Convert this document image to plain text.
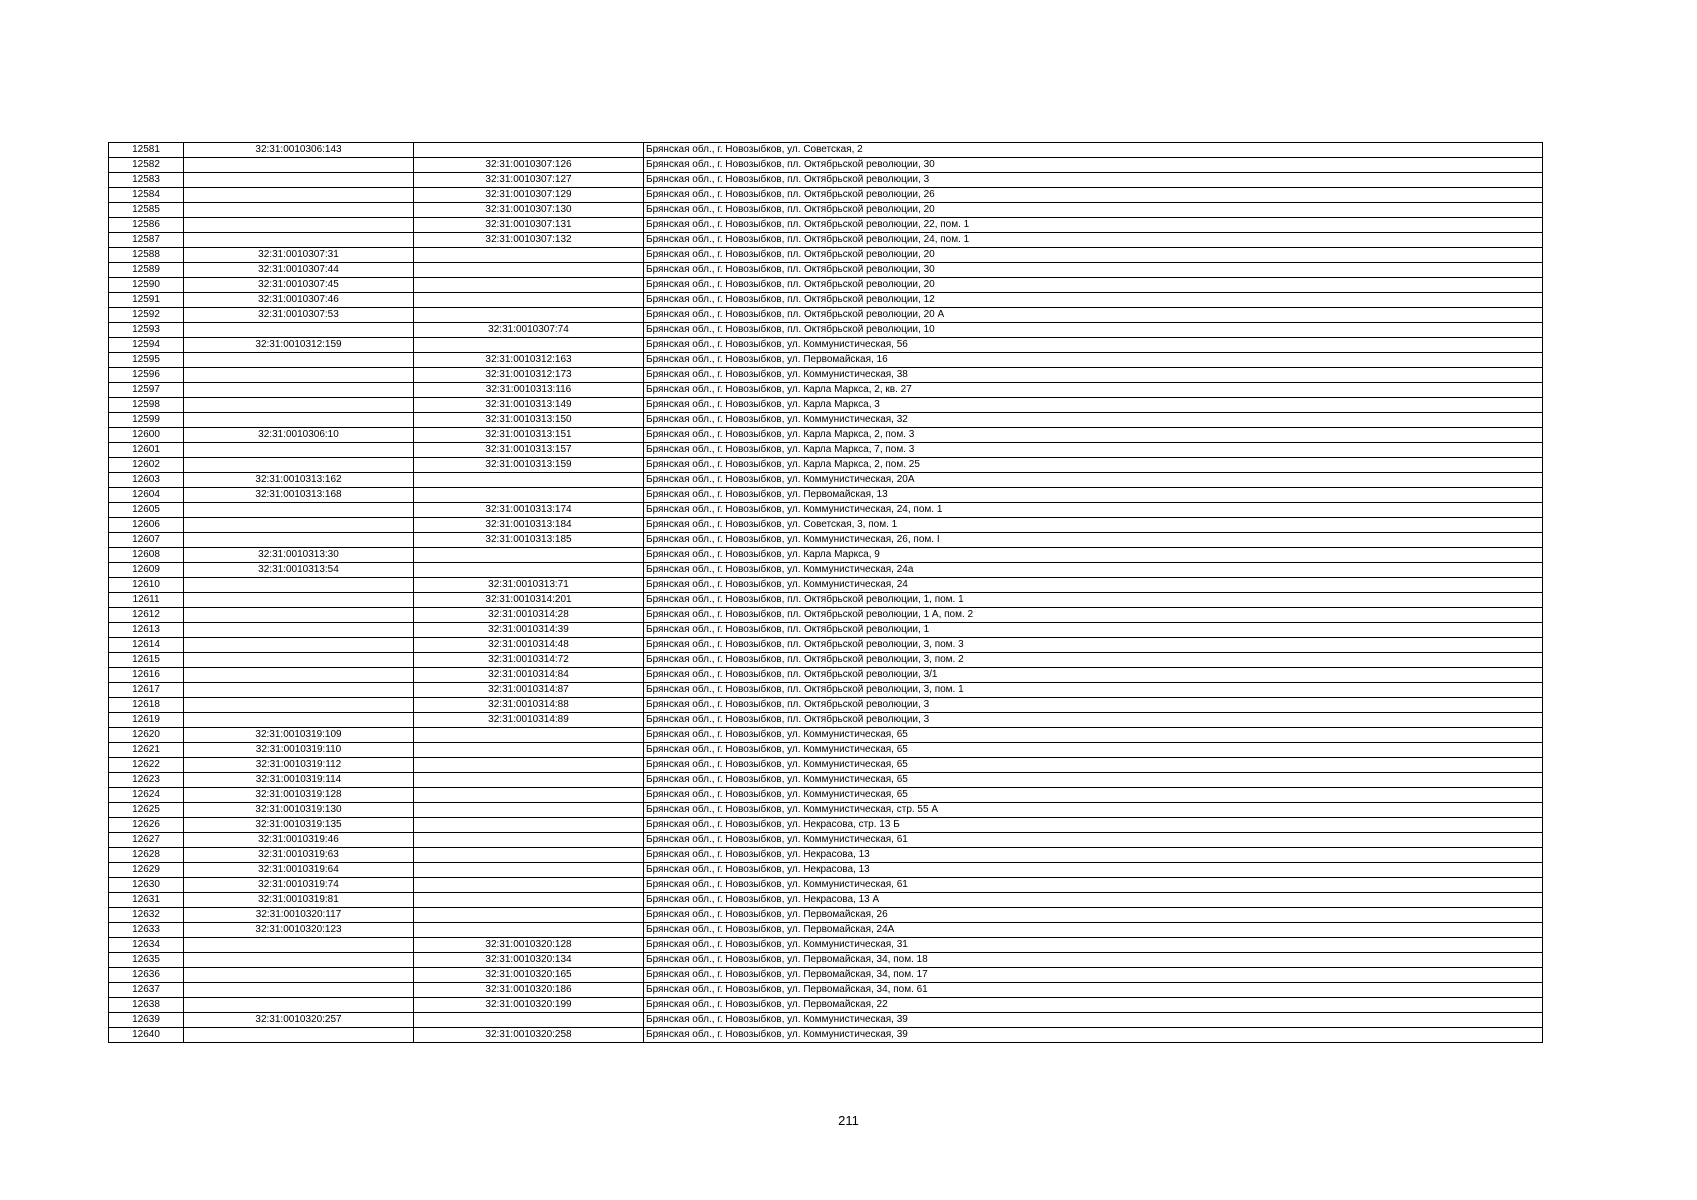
12581	32:31:0010306:143		Брянская обл., г. Новозыбков, ул. Советская, 2
12582		32:31:0010307:126	Брянская обл., г. Новозыбков, пл. Октябрьской революции, 30
12583		32:31:0010307:127	Брянская обл., г. Новозыбков, пл. Октябрьской революции, 3
12584		32:31:0010307:129	Брянская обл., г. Новозыбков, пл. Октябрьской революции, 26
12585		32:31:0010307:130	Брянская обл., г. Новозыбков, пл. Октябрьской революции, 20
12586		32:31:0010307:131	Брянская обл., г. Новозыбков, пл. Октябрьской революции, 22, пом. 1
12587		32:31:0010307:132	Брянская обл., г. Новозыбков, пл. Октябрьской революции, 24, пом. 1
12588	32:31:0010307:31		Брянская обл., г. Новозыбков, пл. Октябрьской революции, 20
12589	32:31:0010307:44		Брянская обл., г. Новозыбков, пл. Октябрьской революции, 30
12590	32:31:0010307:45		Брянская обл., г. Новозыбков, пл. Октябрьской революции, 20
12591	32:31:0010307:46		Брянская обл., г. Новозыбков, пл. Октябрьской революции, 12
12592	32:31:0010307:53		Брянская обл., г. Новозыбков, пл. Октябрьской революции, 20 А
12593		32:31:0010307:74	Брянская обл., г. Новозыбков, пл. Октябрьской революции, 10
12594	32:31:0010312:159		Брянская обл., г. Новозыбков, ул. Коммунистическая, 56
12595		32:31:0010312:163	Брянская обл., г. Новозыбков, ул. Первомайская, 16
12596		32:31:0010312:173	Брянская обл., г. Новозыбков, ул. Коммунистическая, 38
12597		32:31:0010313:116	Брянская обл., г. Новозыбков, ул. Карла Маркса, 2, кв. 27
12598		32:31:0010313:149	Брянская обл., г. Новозыбков, ул. Карла Маркса, 3
12599		32:31:0010313:150	Брянская обл., г. Новозыбков, ул. Коммунистическая, 32
12600	32:31:0010306:10	32:31:0010313:151	Брянская обл., г. Новозыбков, ул. Карла Маркса, 2, пом. 3
12601		32:31:0010313:157	Брянская обл., г. Новозыбков, ул. Карла Маркса, 7, пом. 3
12602		32:31:0010313:159	Брянская обл., г. Новозыбков, ул. Карла Маркса, 2, пом. 25
12603	32:31:0010313:162		Брянская обл., г. Новозыбков, ул. Коммунистическая, 20А
12604	32:31:0010313:168		Брянская обл., г. Новозыбков, ул. Первомайская, 13
12605		32:31:0010313:174	Брянская обл., г. Новозыбков, ул. Коммунистическая, 24, пом. 1
12606		32:31:0010313:184	Брянская обл., г. Новозыбков, ул. Советская, 3, пом. 1
12607		32:31:0010313:185	Брянская обл., г. Новозыбков, ул. Коммунистическая, 26, пом. I
12608	32:31:0010313:30		Брянская обл., г. Новозыбков, ул. Карла Маркса, 9
12609	32:31:0010313:54		Брянская обл., г. Новозыбков, ул. Коммунистическая, 24а
12610		32:31:0010313:71	Брянская обл., г. Новозыбков, ул. Коммунистическая, 24
12611		32:31:0010314:201	Брянская обл., г. Новозыбков, пл. Октябрьской революции, 1, пом. 1
12612		32:31:0010314:28	Брянская обл., г. Новозыбков, пл. Октябрьской революции, 1 А, пом. 2
12613		32:31:0010314:39	Брянская обл., г. Новозыбков, пл. Октябрьской революции, 1
12614		32:31:0010314:48	Брянская обл., г. Новозыбков, пл. Октябрьской революции, 3, пом. 3
12615		32:31:0010314:72	Брянская обл., г. Новозыбков, пл. Октябрьской революции, 3, пом. 2
12616		32:31:0010314:84	Брянская обл., г. Новозыбков, пл. Октябрьской революции, 3/1
12617		32:31:0010314:87	Брянская обл., г. Новозыбков, пл. Октябрьской революции, 3, пом. 1
12618		32:31:0010314:88	Брянская обл., г. Новозыбков, пл. Октябрьской революции, 3
12619		32:31:0010314:89	Брянская обл., г. Новозыбков, пл. Октябрьской революции, 3
12620	32:31:0010319:109		Брянская обл., г. Новозыбков, ул. Коммунистическая, 65
12621	32:31:0010319:110		Брянская обл., г. Новозыбков, ул. Коммунистическая, 65
12622	32:31:0010319:112		Брянская обл., г. Новозыбков, ул. Коммунистическая, 65
12623	32:31:0010319:114		Брянская обл., г. Новозыбков, ул. Коммунистическая, 65
12624	32:31:0010319:128		Брянская обл., г. Новозыбков, ул. Коммунистическая, 65
12625	32:31:0010319:130		Брянская обл., г. Новозыбков, ул. Коммунистическая, стр. 55 А
12626	32:31:0010319:135		Брянская обл., г. Новозыбков, ул. Некрасова, стр. 13 Б
12627	32:31:0010319:46		Брянская обл., г. Новозыбков, ул. Коммунистическая, 61
12628	32:31:0010319:63		Брянская обл., г. Новозыбков, ул. Некрасова, 13
12629	32:31:0010319:64		Брянская обл., г. Новозыбков, ул. Некрасова, 13
12630	32:31:0010319:74		Брянская обл., г. Новозыбков, ул. Коммунистическая, 61
12631	32:31:0010319:81		Брянская обл., г. Новозыбков, ул. Некрасова, 13 А
12632	32:31:0010320:117		Брянская обл., г. Новозыбков, ул. Первомайская, 26
12633	32:31:0010320:123		Брянская обл., г. Новозыбков, ул. Первомайская, 24А
12634		32:31:0010320:128	Брянская обл., г. Новозыбков, ул. Коммунистическая, 31
12635		32:31:0010320:134	Брянская обл., г. Новозыбков, ул. Первомайская, 34, пом. 18
12636		32:31:0010320:165	Брянская обл., г. Новозыбков, ул. Первомайская, 34, пом. 17
12637		32:31:0010320:186	Брянская обл., г. Новозыбков, ул. Первомайская, 34, пом. 61
12638		32:31:0010320:199	Брянская обл., г. Новозыбков, ул. Первомайская, 22
12639	32:31:0010320:257		Брянская обл., г. Новозыбков, ул. Коммунистическая, 39
12640		32:31:0010320:258	Брянская обл., г. Новозыбков, ул. Коммунистическая, 39
211
